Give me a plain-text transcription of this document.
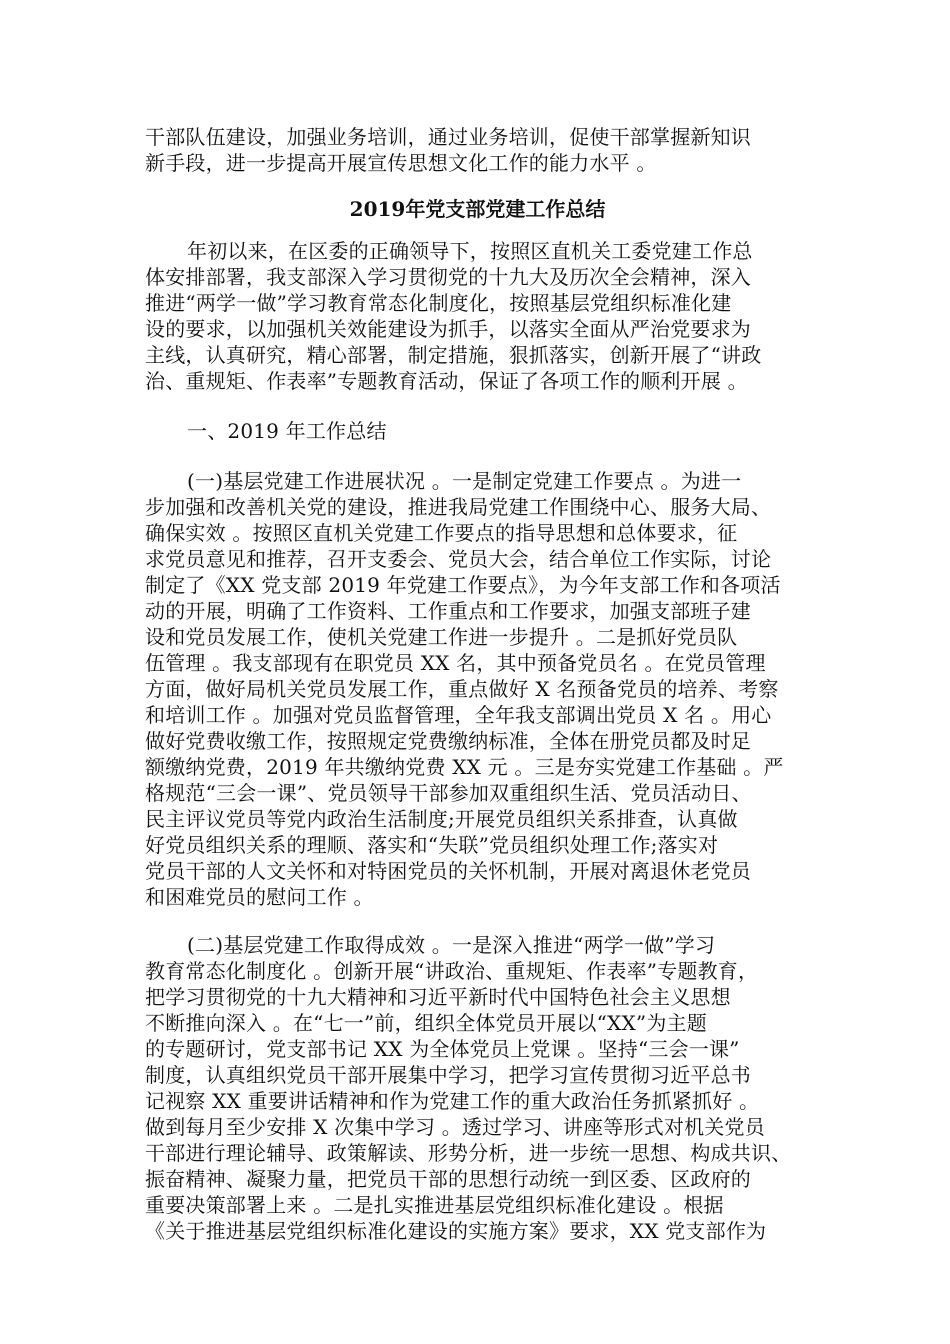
干部队伍建设，加强业务培训，通过业务培训，促使干部掌握新知识
新手段，进一步提高开展宣传思想文化工作的能力水平 。
2019年党支部党建工作总结
年初以来，在区委的正确领导下，按照区直机关工委党建工作总
体安排部署，我支部深入学习贯彻党的十九大及历次全会精神，深入
推进“两学一做”学习教育常态化制度化，按照基层党组织标准化建
设的要求，以加强机关效能建设为抓手，以落实全面从严治党要求为
主线，认真研究，精心部署，制定措施，狠抓落实，创新开展了“讲政
治、重规矩、作表率”专题教育活动，保证了各项工作的顺利开展 。
一、2019 年工作总结
(一)基层党建工作进展状况 。一是制定党建工作要点 。为进一
步加强和改善机关党的建设，推进我局党建工作围绕中心、服务大局、
确保实效 。按照区直机关党建工作要点的指导思想和总体要求，征
求党员意见和推荐，召开支委会、党员大会，结合单位工作实际，讨论
制定了《XX 党支部 2019 年党建工作要点》，为今年支部工作和各项活
动的开展，明确了工作资料、工作重点和工作要求，加强支部班子建
设和党员发展工作，使机关党建工作进一步提升 。二是抓好党员队
伍管理 。我支部现有在职党员 XX 名，其中预备党员名 。在党员管理
方面，做好局机关党员发展工作，重点做好 X 名预备党员的培养、考察
和培训工作 。加强对党员监督管理，全年我支部调出党员 X 名 。用心
做好党费收缴工作，按照规定党费缴纳标准，全体在册党员都及时足
额缴纳党费，2019 年共缴纳党费 XX 元 。三是夯实党建工作基础 。严
格规范“三会一课”、党员领导干部参加双重组织生活、党员活动日、
民主评议党员等党内政治生活制度;开展党员组织关系排查，认真做
好党员组织关系的理顺、落实和“失联”党员组织处理工作;落实对
党员干部的人文关怀和对特困党员的关怀机制，开展对离退休老党员
和困难党员的慰问工作 。
(二)基层党建工作取得成效 。一是深入推进“两学一做”学习
教育常态化制度化 。创新开展“讲政治、重规矩、作表率”专题教育，
把学习贯彻党的十九大精神和习近平新时代中国特色社会主义思想
不断推向深入 。在“七一”前，组织全体党员开展以“XX”为主题
的专题研讨，党支部书记 XX 为全体党员上党课 。坚持“三会一课”
制度，认真组织党员干部开展集中学习，把学习宣传贯彻习近平总书
记视察 XX 重要讲话精神和作为党建工作的重大政治任务抓紧抓好 。
做到每月至少安排 X 次集中学习 。透过学习、讲座等形式对机关党员
干部进行理论辅导、政策解读、形势分析，进一步统一思想、构成共识、
振奋精神、凝聚力量，把党员干部的思想行动统一到区委、区政府的
重要决策部署上来 。二是扎实推进基层党组织标准化建设 。根据
《关于推进基层党组织标准化建设的实施方案》要求，XX 党支部作为
